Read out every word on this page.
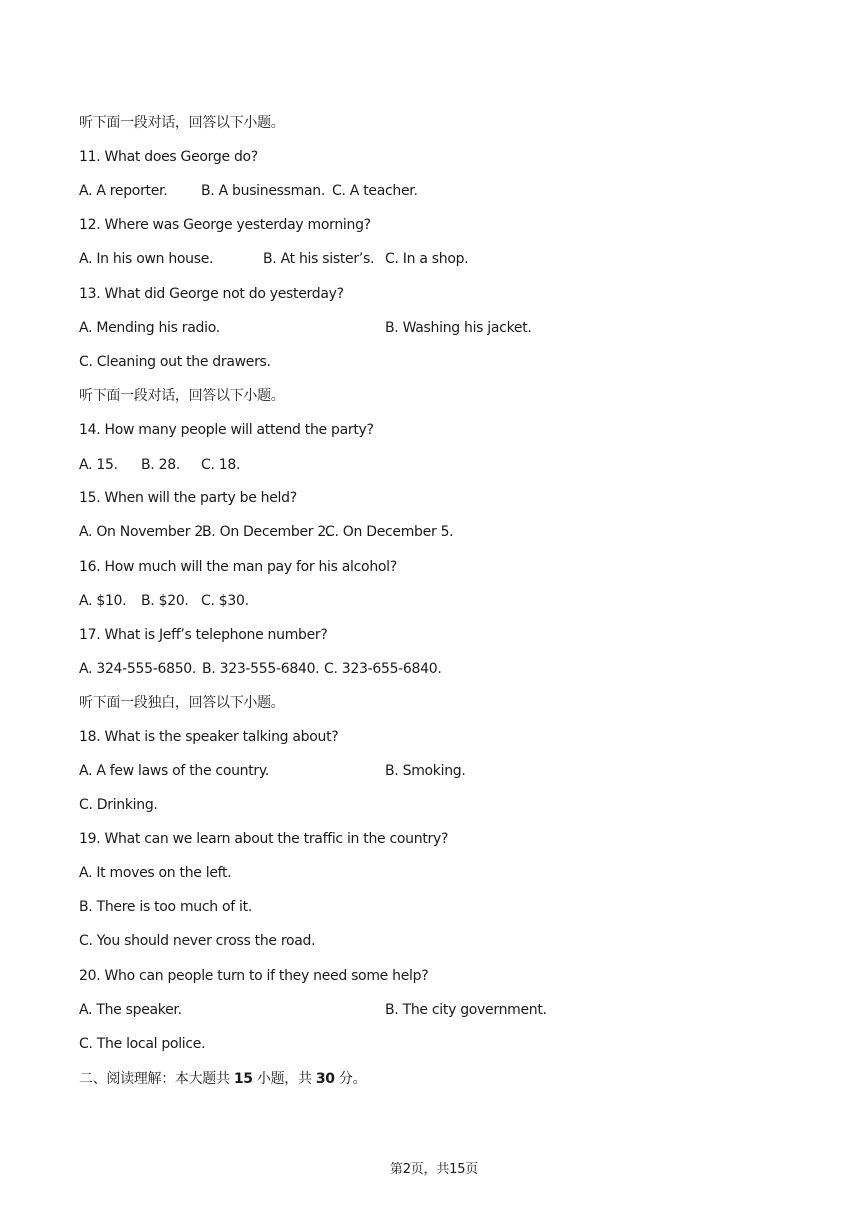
听下面一段对话，回答以下小题。
11. What does George do?
A. A reporter. B. A businessman. C. A teacher.
12. Where was George yesterday morning?
A. In his own house.	B. At his sister’s. C. In a shop.
13. What did George not do yesterday?
A. Mending his radio.	B. Washing his jacket.
C. Cleaning out the drawers.
听下面一段对话，回答以下小题。
14. How many people will attend the party?
A. 15. B. 28. C. 18.
15. When will the party be held?
A. On November 2.B. On December 2.C. On December 5.
16. How much will the man pay for his alcohol?
A. $10. B. $20. C. $30.
17. What is Jeff’s telephone number?
A. 324-555-6850. B. 323-555-6840. C. 323-655-6840.
听下面一段独白，回答以下小题。
18. What is the speaker talking about?
A. A few laws of the country.	B. Smoking.
C. Drinking.
19. What can we learn about the traffic in the country?
A. It moves on the left.
B. There is too much of it.
C. You should never cross the road.
20. Who can people turn to if they need some help?
A. The speaker.	B. The city government.
C. The local police.
二、阅读理解：本大题共 15 小题，共 30 分。
第2页，共15页
